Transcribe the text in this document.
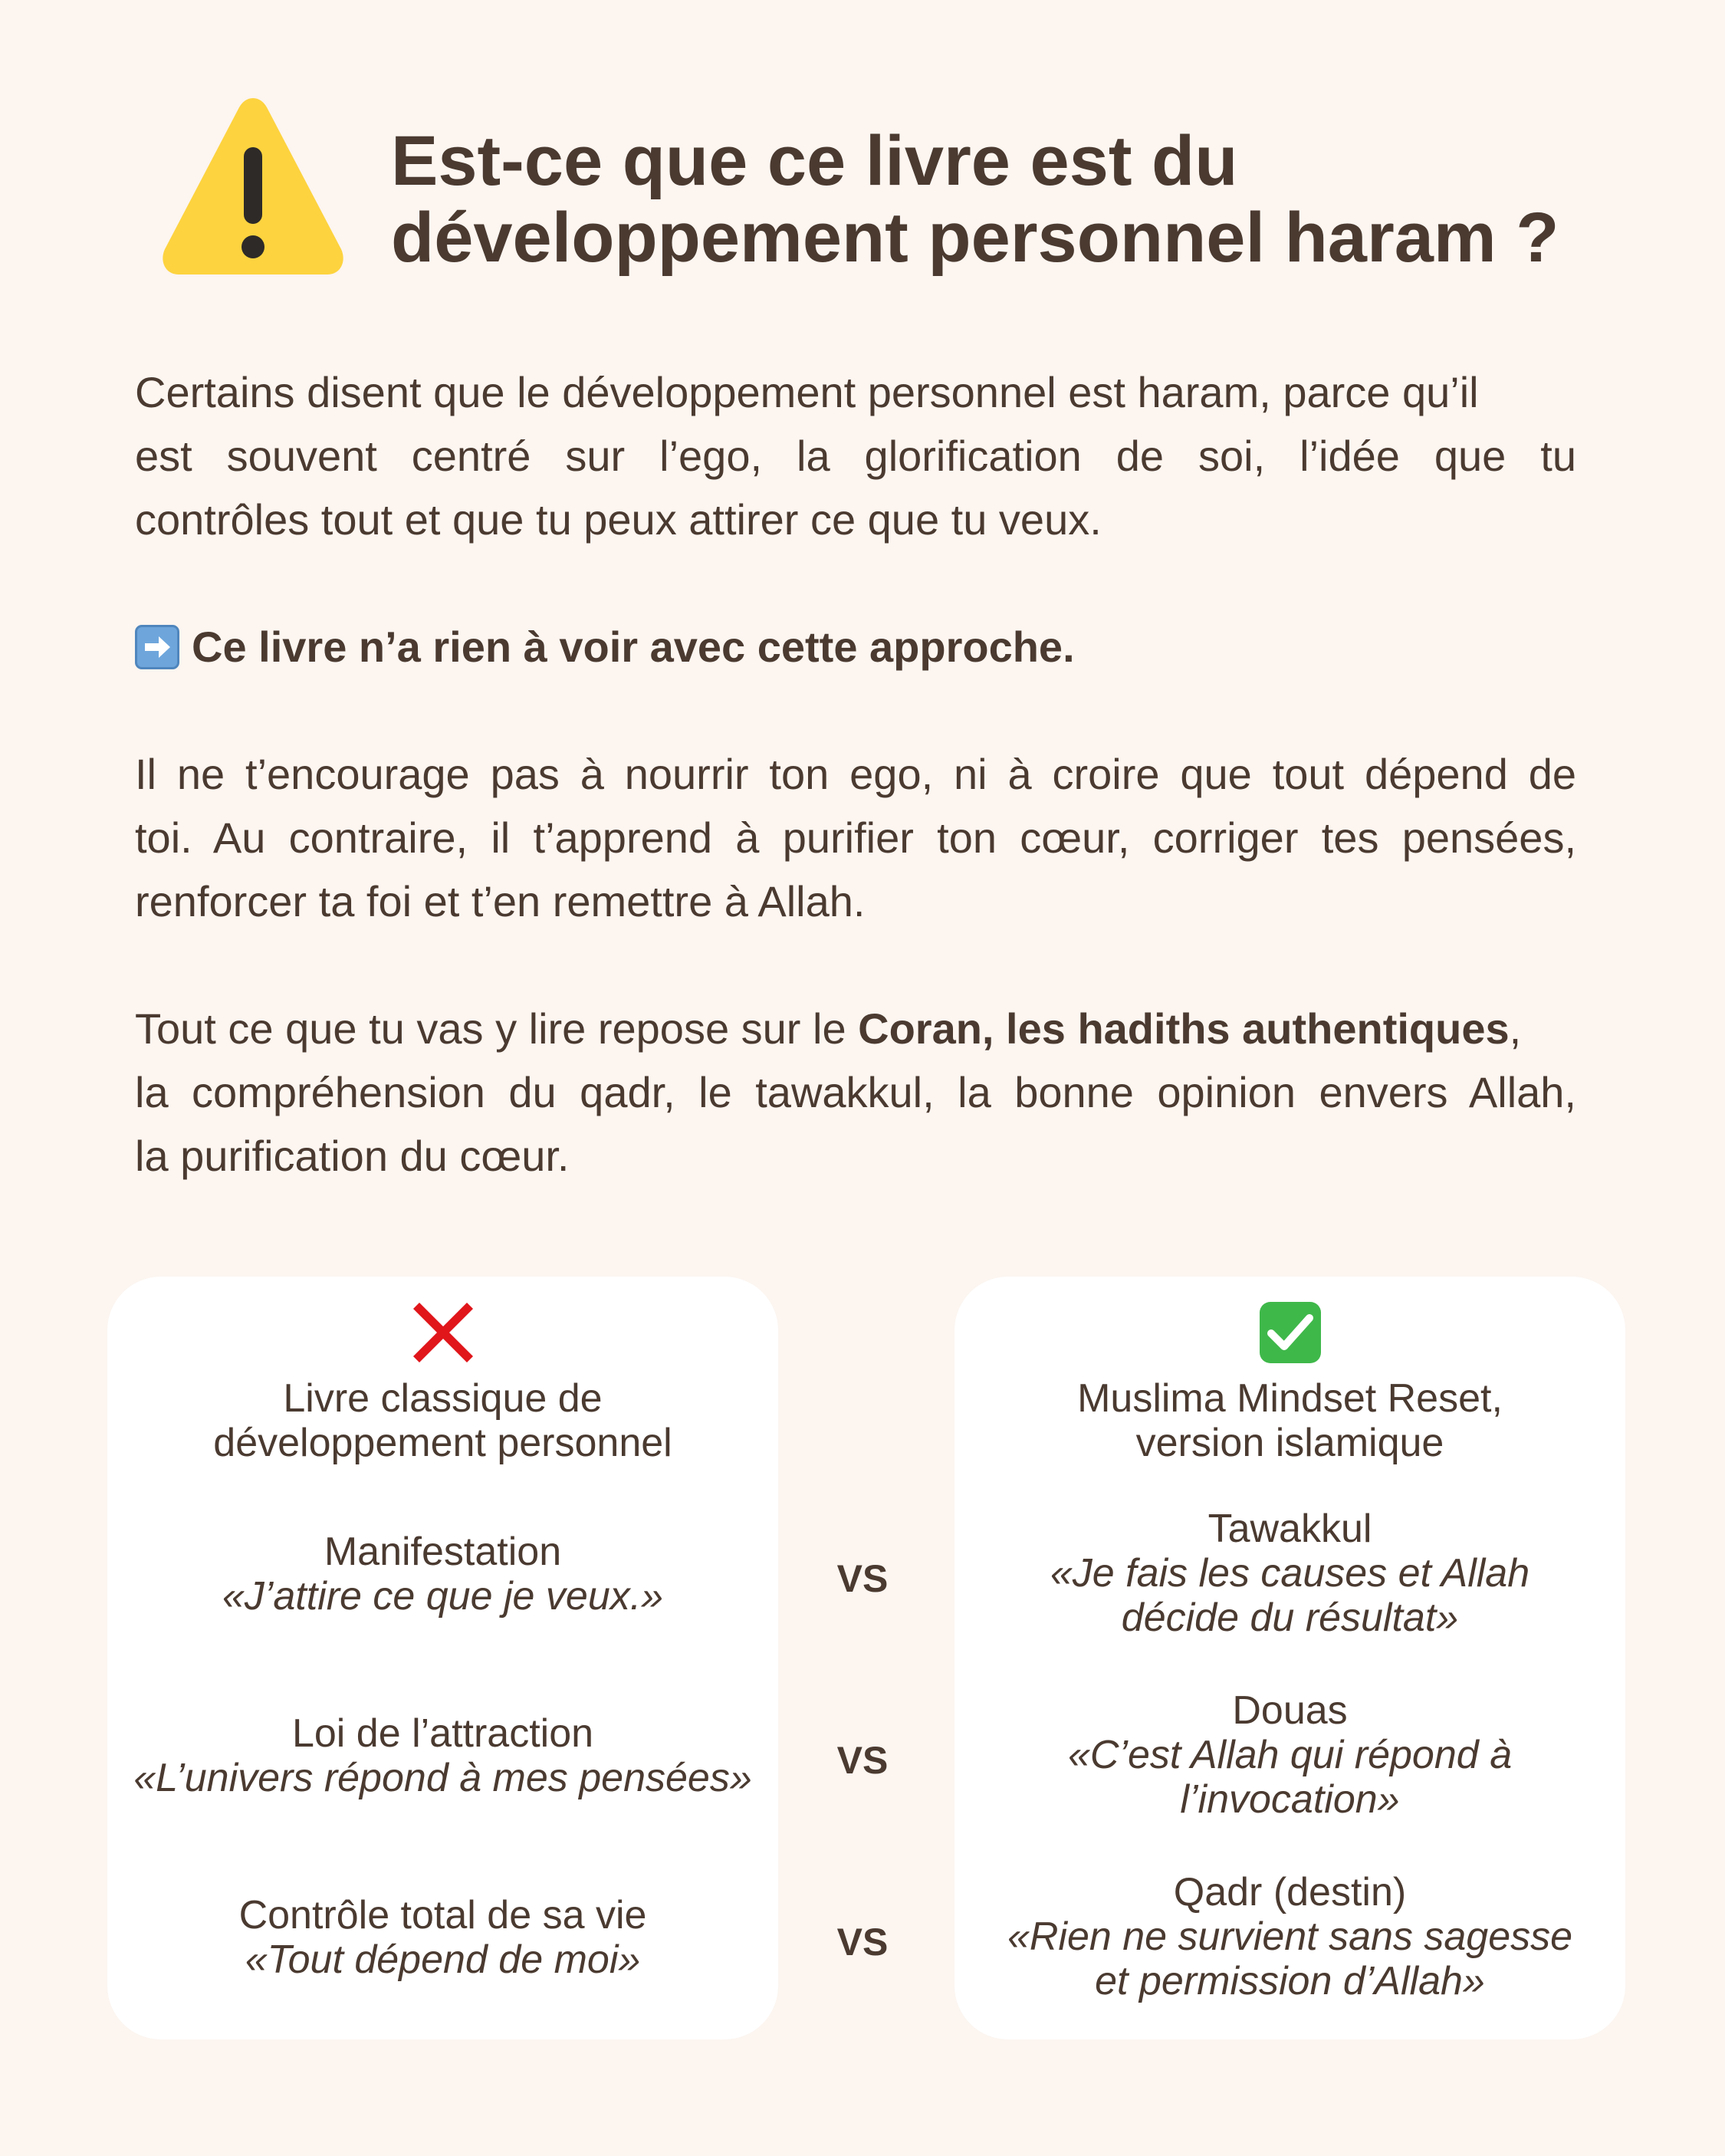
Est-ce que ce livre est du
développement personnel haram ?

Certains disent que le développement personnel est haram, parce qu’il
est souvent centré sur l’ego, la glorification de soi, l’idée que tu
contrôles tout et que tu peux attirer ce que tu veux.

Ce livre n’a rien à voir avec cette approche.

Il ne t’encourage pas à nourrir ton ego, ni à croire que tout dépend de
toi. Au contraire, il t’apprend à purifier ton cœur, corriger tes pensées,
renforcer ta foi et t’en remettre à Allah.

Tout ce que tu vas y lire repose sur le Coran, les hadiths authentiques,
la compréhension du qadr, le tawakkul, la bonne opinion envers Allah,
la purification du cœur.

Livre classique de
développement personnel
Manifestation
«J’attire ce que je veux.»
Loi de l’attraction
«L’univers répond à mes pensées»
Contrôle total de sa vie
«Tout dépend de moi»
VS
VS
VS
Muslima Mindset Reset,
version islamique
Tawakkul
«Je fais les causes et Allah
décide du résultat»
Douas
«C’est Allah qui répond à
l’invocation»
Qadr (destin)
«Rien ne survient sans sagesse
et permission d’Allah»
